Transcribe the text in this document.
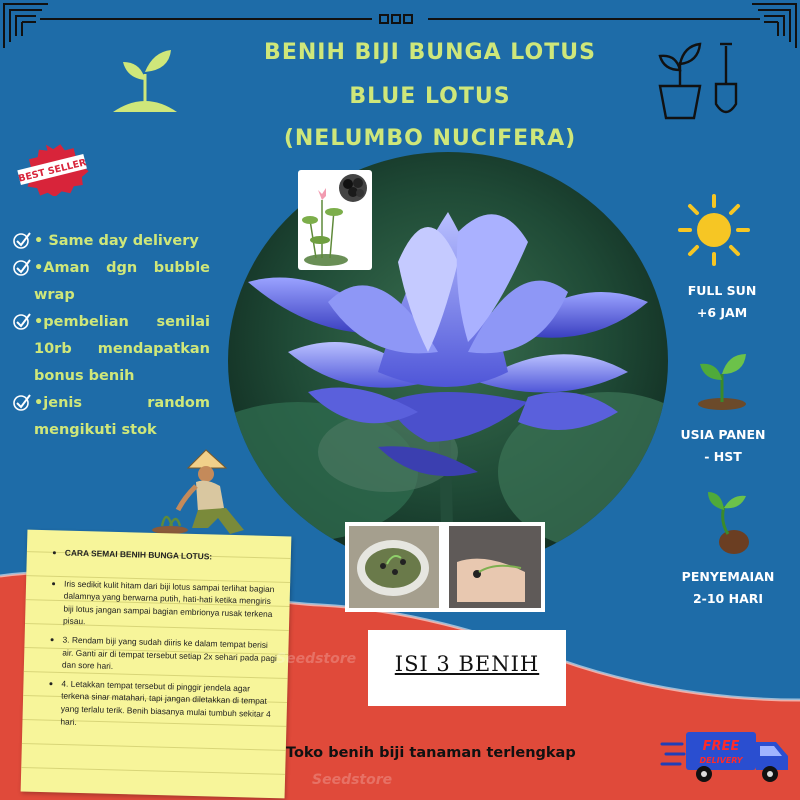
BENIH BIJI BUNGA LOTUS
BLUE LOTUS
(NELUMBO NUCIFERA)
BEST SELLER
• Same day delivery
•Aman dgn bubble wrap
•pembelian senilai 10rb mendapatkan bonus benih
•jenis random mengikuti stok
FULL SUN
+6 JAM
USIA PANEN
- HST
PENYEMAIAN
2-10 HARI
• CARA SEMAI BENIH BUNGA LOTUS:
• Iris sedikit kulit hitam dari biji lotus sampai terlihat bagian dalamnya yang berwarna putih, hati-hati ketika mengiris biji lotus jangan sampai bagian embrionya rusak terkena pisau.
• 3. Rendam biji yang sudah diiris ke dalam tempat berisi air. Ganti air di tempat tersebut setiap 2x sehari pada pagi dan sore hari.
• 4. Letakkan tempat tersebut di pinggir jendela agar terkena sinar matahari, tapi jangan diletakkan di tempat yang terlalu terik. Benih biasanya mulai tumbuh sekitar 4 hari.
Seedstore
Seedstore
ISI 3 BENIH
Toko benih biji tanaman terlengkap	FREE
DELIVERY
